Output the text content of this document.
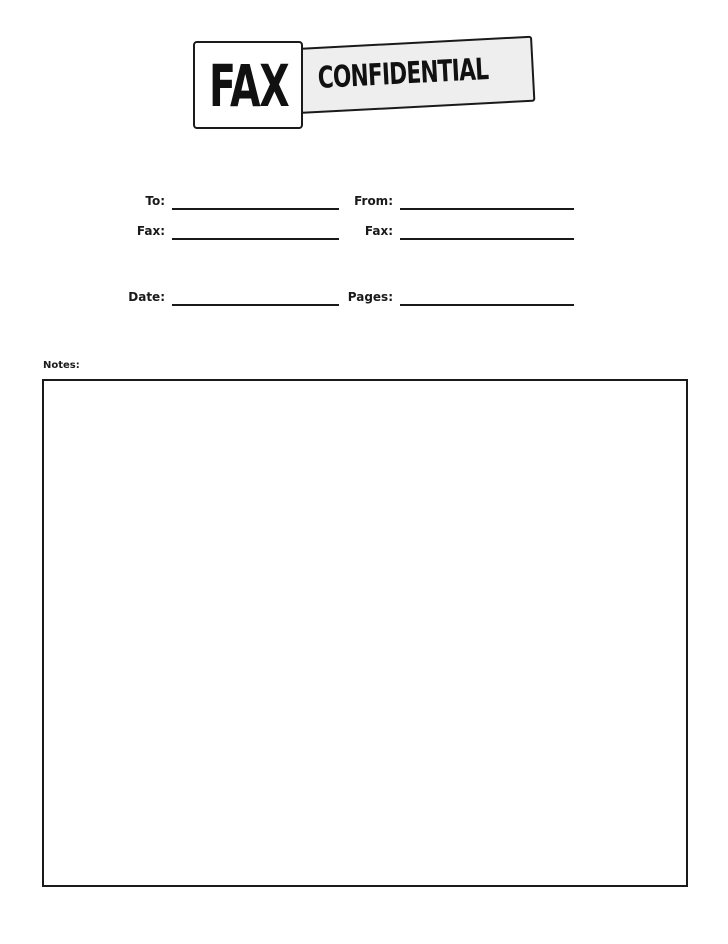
CONFIDENTIAL
FAX
To:	From:
Fax:	Fax:
Date:	Pages:
Notes:
